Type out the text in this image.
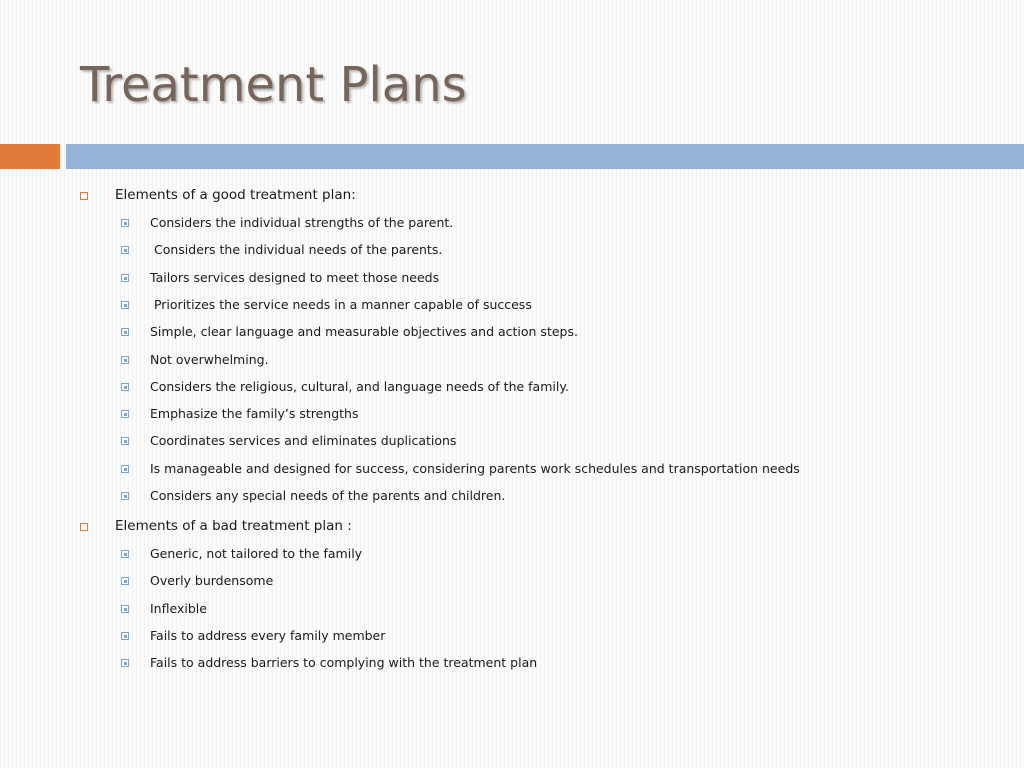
Treatment Plans
Elements of a good treatment plan:
Considers the individual strengths of the parent.
Considers the individual needs of the parents.
Tailors services designed to meet those needs
Prioritizes the service needs in a manner capable of success
Simple, clear language and measurable objectives and action steps.
Not overwhelming.
Considers the religious, cultural, and language needs of the family.
Emphasize the family’s strengths
Coordinates services and eliminates duplications
Is manageable and designed for success, considering parents work schedules and transportation needs
Considers any special needs of the parents and children.
Elements of a bad treatment plan :
Generic, not tailored to the family
Overly burdensome
Inflexible
Fails to address every family member
Fails to address barriers to complying with the treatment plan
